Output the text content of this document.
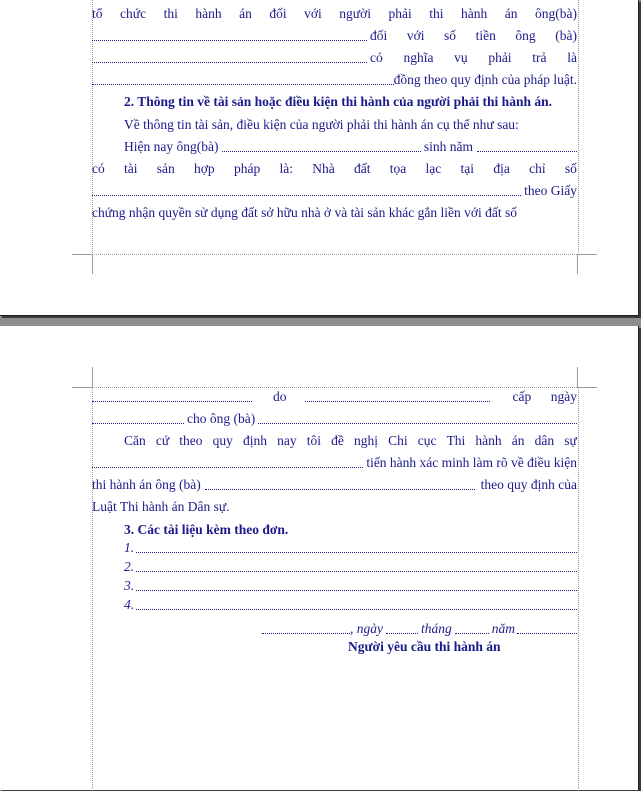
tổ chức thi hành án đối với người phải thi hành án ông(bà)
đối với số tiền ông (bà)
có nghĩa vụ phải trả là
đồng theo quy định của pháp luật.
2. Thông tin về tài sản hoặc điều kiện thi hành của người phải thi hành án.
Về thông tin tài sản, điều kiện của người phải thi hành án cụ thể như sau:
Hiện nay ông(bà)	sinh năm
có tài sản hợp pháp là: Nhà đất tọa lạc tại địa chỉ số
theo Giấy
chứng nhận quyền sử dụng đất sở hữu nhà ở và tài sản khác gắn liền với đất số
do	cấp ngày
cho ông (bà)
Căn cứ theo quy định nay tôi đề nghị Chi cục Thi hành án dân sự
tiến hành xác minh làm rõ về điều kiện
thi hành án ông (bà)	theo quy định của
Luật Thi hành án Dân sự.
3. Các tài liệu kèm theo đơn.
1.
2.
3.
4.
, ngày	tháng	năm
Người yêu cầu thi hành án
